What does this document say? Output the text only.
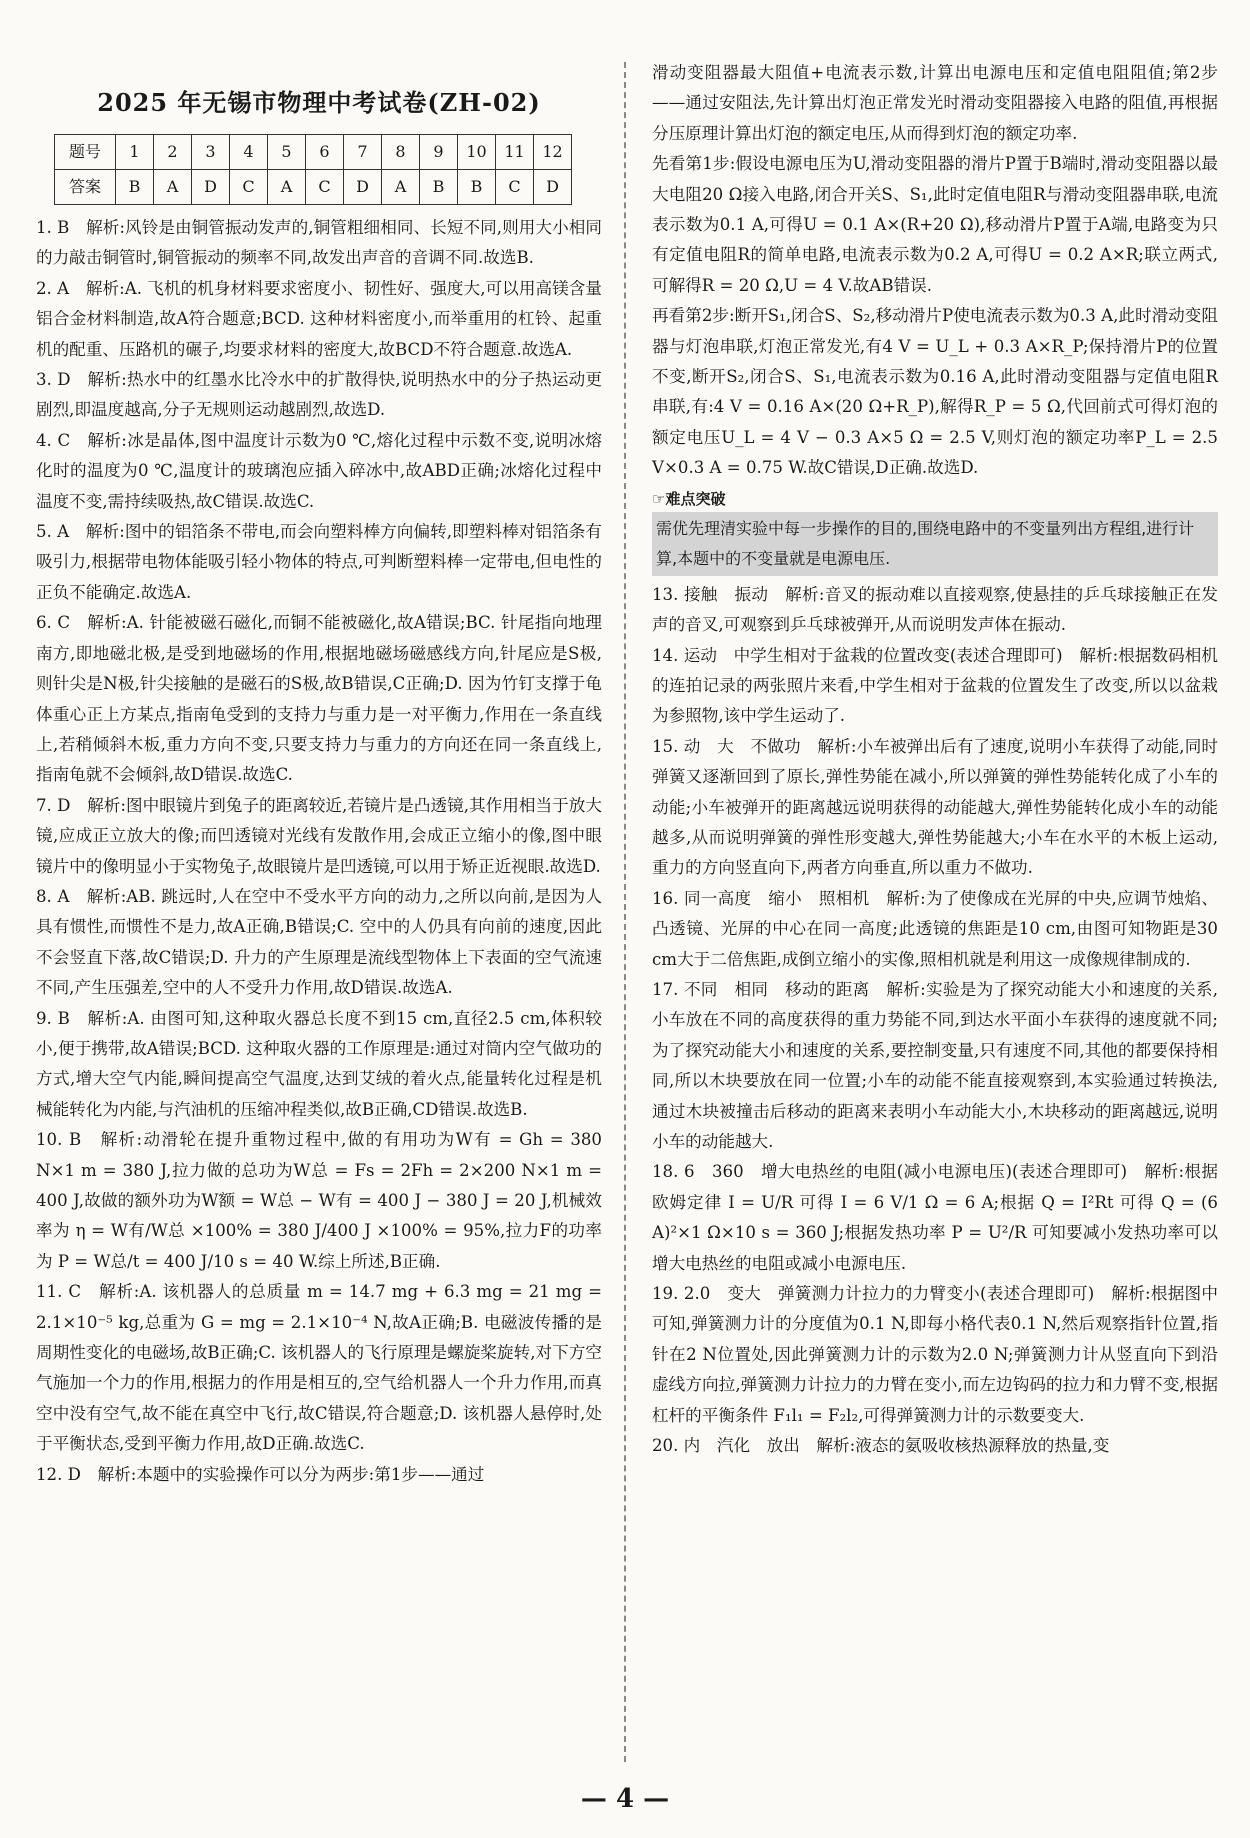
2025 年无锡市物理中考试卷(ZH-02)
题号	1	2	3	4	5	6	7	8	9	10	11	12
答案	B	A	D	C	A	C	D	A	B	B	C	D

1. B　解析:风铃是由铜管振动发声的,铜管粗细相同、长短不同,则用大小相同的力敲击铜管时,铜管振动的频率不同,故发出声音的音调不同.故选B.

2. A　解析:A. 飞机的机身材料要求密度小、韧性好、强度大,可以用高镁含量铝合金材料制造,故A符合题意;BCD. 这种材料密度小,而举重用的杠铃、起重机的配重、压路机的碾子,均要求材料的密度大,故BCD不符合题意.故选A.

3. D　解析:热水中的红墨水比冷水中的扩散得快,说明热水中的分子热运动更剧烈,即温度越高,分子无规则运动越剧烈,故选D.

4. C　解析:冰是晶体,图中温度计示数为0 ℃,熔化过程中示数不变,说明冰熔化时的温度为0 ℃,温度计的玻璃泡应插入碎冰中,故ABD正确;冰熔化过程中温度不变,需持续吸热,故C错误.故选C.

5. A　解析:图中的铝箔条不带电,而会向塑料棒方向偏转,即塑料棒对铝箔条有吸引力,根据带电物体能吸引轻小物体的特点,可判断塑料棒一定带电,但电性的正负不能确定.故选A.

6. C　解析:A. 针能被磁石磁化,而铜不能被磁化,故A错误;BC. 针尾指向地理南方,即地磁北极,是受到地磁场的作用,根据地磁场磁感线方向,针尾应是S极,则针尖是N极,针尖接触的是磁石的S极,故B错误,C正确;D. 因为竹钉支撑于龟体重心正上方某点,指南龟受到的支持力与重力是一对平衡力,作用在一条直线上,若稍倾斜木板,重力方向不变,只要支持力与重力的方向还在同一条直线上,指南龟就不会倾斜,故D错误.故选C.

7. D　解析:图中眼镜片到兔子的距离较近,若镜片是凸透镜,其作用相当于放大镜,应成正立放大的像;而凹透镜对光线有发散作用,会成正立缩小的像,图中眼镜片中的像明显小于实物兔子,故眼镜片是凹透镜,可以用于矫正近视眼.故选D.

8. A　解析:AB. 跳远时,人在空中不受水平方向的动力,之所以向前,是因为人具有惯性,而惯性不是力,故A正确,B错误;C. 空中的人仍具有向前的速度,因此不会竖直下落,故C错误;D. 升力的产生原理是流线型物体上下表面的空气流速不同,产生压强差,空中的人不受升力作用,故D错误.故选A.

9. B　解析:A. 由图可知,这种取火器总长度不到15 cm,直径2.5 cm,体积较小,便于携带,故A错误;BCD. 这种取火器的工作原理是:通过对筒内空气做功的方式,增大空气内能,瞬间提高空气温度,达到艾绒的着火点,能量转化过程是机械能转化为内能,与汽油机的压缩冲程类似,故B正确,CD错误.故选B.

10. B　解析:动滑轮在提升重物过程中,做的有用功为W有 = Gh = 380 N×1 m = 380 J,拉力做的总功为W总 = Fs = 2Fh = 2×200 N×1 m = 400 J,故做的额外功为W额 = W总 − W有 = 400 J − 380 J = 20 J,机械效率为 η = W有/W总 ×100% = 380 J/400 J ×100% = 95%,拉力F的功率为 P = W总/t = 400 J/10 s = 40 W.综上所述,B正确.

11. C　解析:A. 该机器人的总质量 m = 14.7 mg + 6.3 mg = 21 mg = 2.1×10⁻⁵ kg,总重为 G = mg = 2.1×10⁻⁴ N,故A正确;B. 电磁波传播的是周期性变化的电磁场,故B正确;C. 该机器人的飞行原理是螺旋桨旋转,对下方空气施加一个力的作用,根据力的作用是相互的,空气给机器人一个升力作用,而真空中没有空气,故不能在真空中飞行,故C错误,符合题意;D. 该机器人悬停时,处于平衡状态,受到平衡力作用,故D正确.故选C.

12. D　解析:本题中的实验操作可以分为两步:第1步——通过

滑动变阻器最大阻值+电流表示数,计算出电源电压和定值电阻阻值;第2步——通过安阻法,先计算出灯泡正常发光时滑动变阻器接入电路的阻值,再根据分压原理计算出灯泡的额定电压,从而得到灯泡的额定功率.

先看第1步:假设电源电压为U,滑动变阻器的滑片P置于B端时,滑动变阻器以最大电阻20 Ω接入电路,闭合开关S、S₁,此时定值电阻R与滑动变阻器串联,电流表示数为0.1 A,可得U = 0.1 A×(R+20 Ω),移动滑片P置于A端,电路变为只有定值电阻R的简单电路,电流表示数为0.2 A,可得U = 0.2 A×R;联立两式,可解得R = 20 Ω,U = 4 V.故AB错误.

再看第2步:断开S₁,闭合S、S₂,移动滑片P使电流表示数为0.3 A,此时滑动变阻器与灯泡串联,灯泡正常发光,有4 V = U_L + 0.3 A×R_P;保持滑片P的位置不变,断开S₂,闭合S、S₁,电流表示数为0.16 A,此时滑动变阻器与定值电阻R串联,有:4 V = 0.16 A×(20 Ω+R_P),解得R_P = 5 Ω,代回前式可得灯泡的额定电压U_L = 4 V − 0.3 A×5 Ω = 2.5 V,则灯泡的额定功率P_L = 2.5 V×0.3 A = 0.75 W.故C错误,D正确.故选D.

☞难点突破
需优先理清实验中每一步操作的目的,围绕电路中的不变量列出方程组,进行计算,本题中的不变量就是电源电压.

13. 接触　振动　解析:音叉的振动难以直接观察,使悬挂的乒乓球接触正在发声的音叉,可观察到乒乓球被弹开,从而说明发声体在振动.

14. 运动　中学生相对于盆栽的位置改变(表述合理即可)　解析:根据数码相机的连拍记录的两张照片来看,中学生相对于盆栽的位置发生了改变,所以以盆栽为参照物,该中学生运动了.

15. 动　大　不做功　解析:小车被弹出后有了速度,说明小车获得了动能,同时弹簧又逐渐回到了原长,弹性势能在减小,所以弹簧的弹性势能转化成了小车的动能;小车被弹开的距离越远说明获得的动能越大,弹性势能转化成小车的动能越多,从而说明弹簧的弹性形变越大,弹性势能越大;小车在水平的木板上运动,重力的方向竖直向下,两者方向垂直,所以重力不做功.

16. 同一高度　缩小　照相机　解析:为了使像成在光屏的中央,应调节烛焰、凸透镜、光屏的中心在同一高度;此透镜的焦距是10 cm,由图可知物距是30 cm大于二倍焦距,成倒立缩小的实像,照相机就是利用这一成像规律制成的.

17. 不同　相同　移动的距离　解析:实验是为了探究动能大小和速度的关系,小车放在不同的高度获得的重力势能不同,到达水平面小车获得的速度就不同;为了探究动能大小和速度的关系,要控制变量,只有速度不同,其他的都要保持相同,所以木块要放在同一位置;小车的动能不能直接观察到,本实验通过转换法,通过木块被撞击后移动的距离来表明小车动能大小,木块移动的距离越远,说明小车的动能越大.

18. 6　360　增大电热丝的电阻(减小电源电压)(表述合理即可)　解析:根据欧姆定律 I = U/R 可得 I = 6 V/1 Ω = 6 A;根据 Q = I²Rt 可得 Q = (6 A)²×1 Ω×10 s = 360 J;根据发热功率 P = U²/R 可知要减小发热功率可以增大电热丝的电阻或减小电源电压.

19. 2.0　变大　弹簧测力计拉力的力臂变小(表述合理即可)　解析:根据图中可知,弹簧测力计的分度值为0.1 N,即每小格代表0.1 N,然后观察指针位置,指针在2 N位置处,因此弹簧测力计的示数为2.0 N;弹簧测力计从竖直向下到沿虚线方向拉,弹簧测力计拉力的力臂在变小,而左边钩码的拉力和力臂不变,根据杠杆的平衡条件 F₁l₁ = F₂l₂,可得弹簧测力计的示数要变大.

20. 内　汽化　放出　解析:液态的氨吸收核热源释放的热量,变

— 4 —
